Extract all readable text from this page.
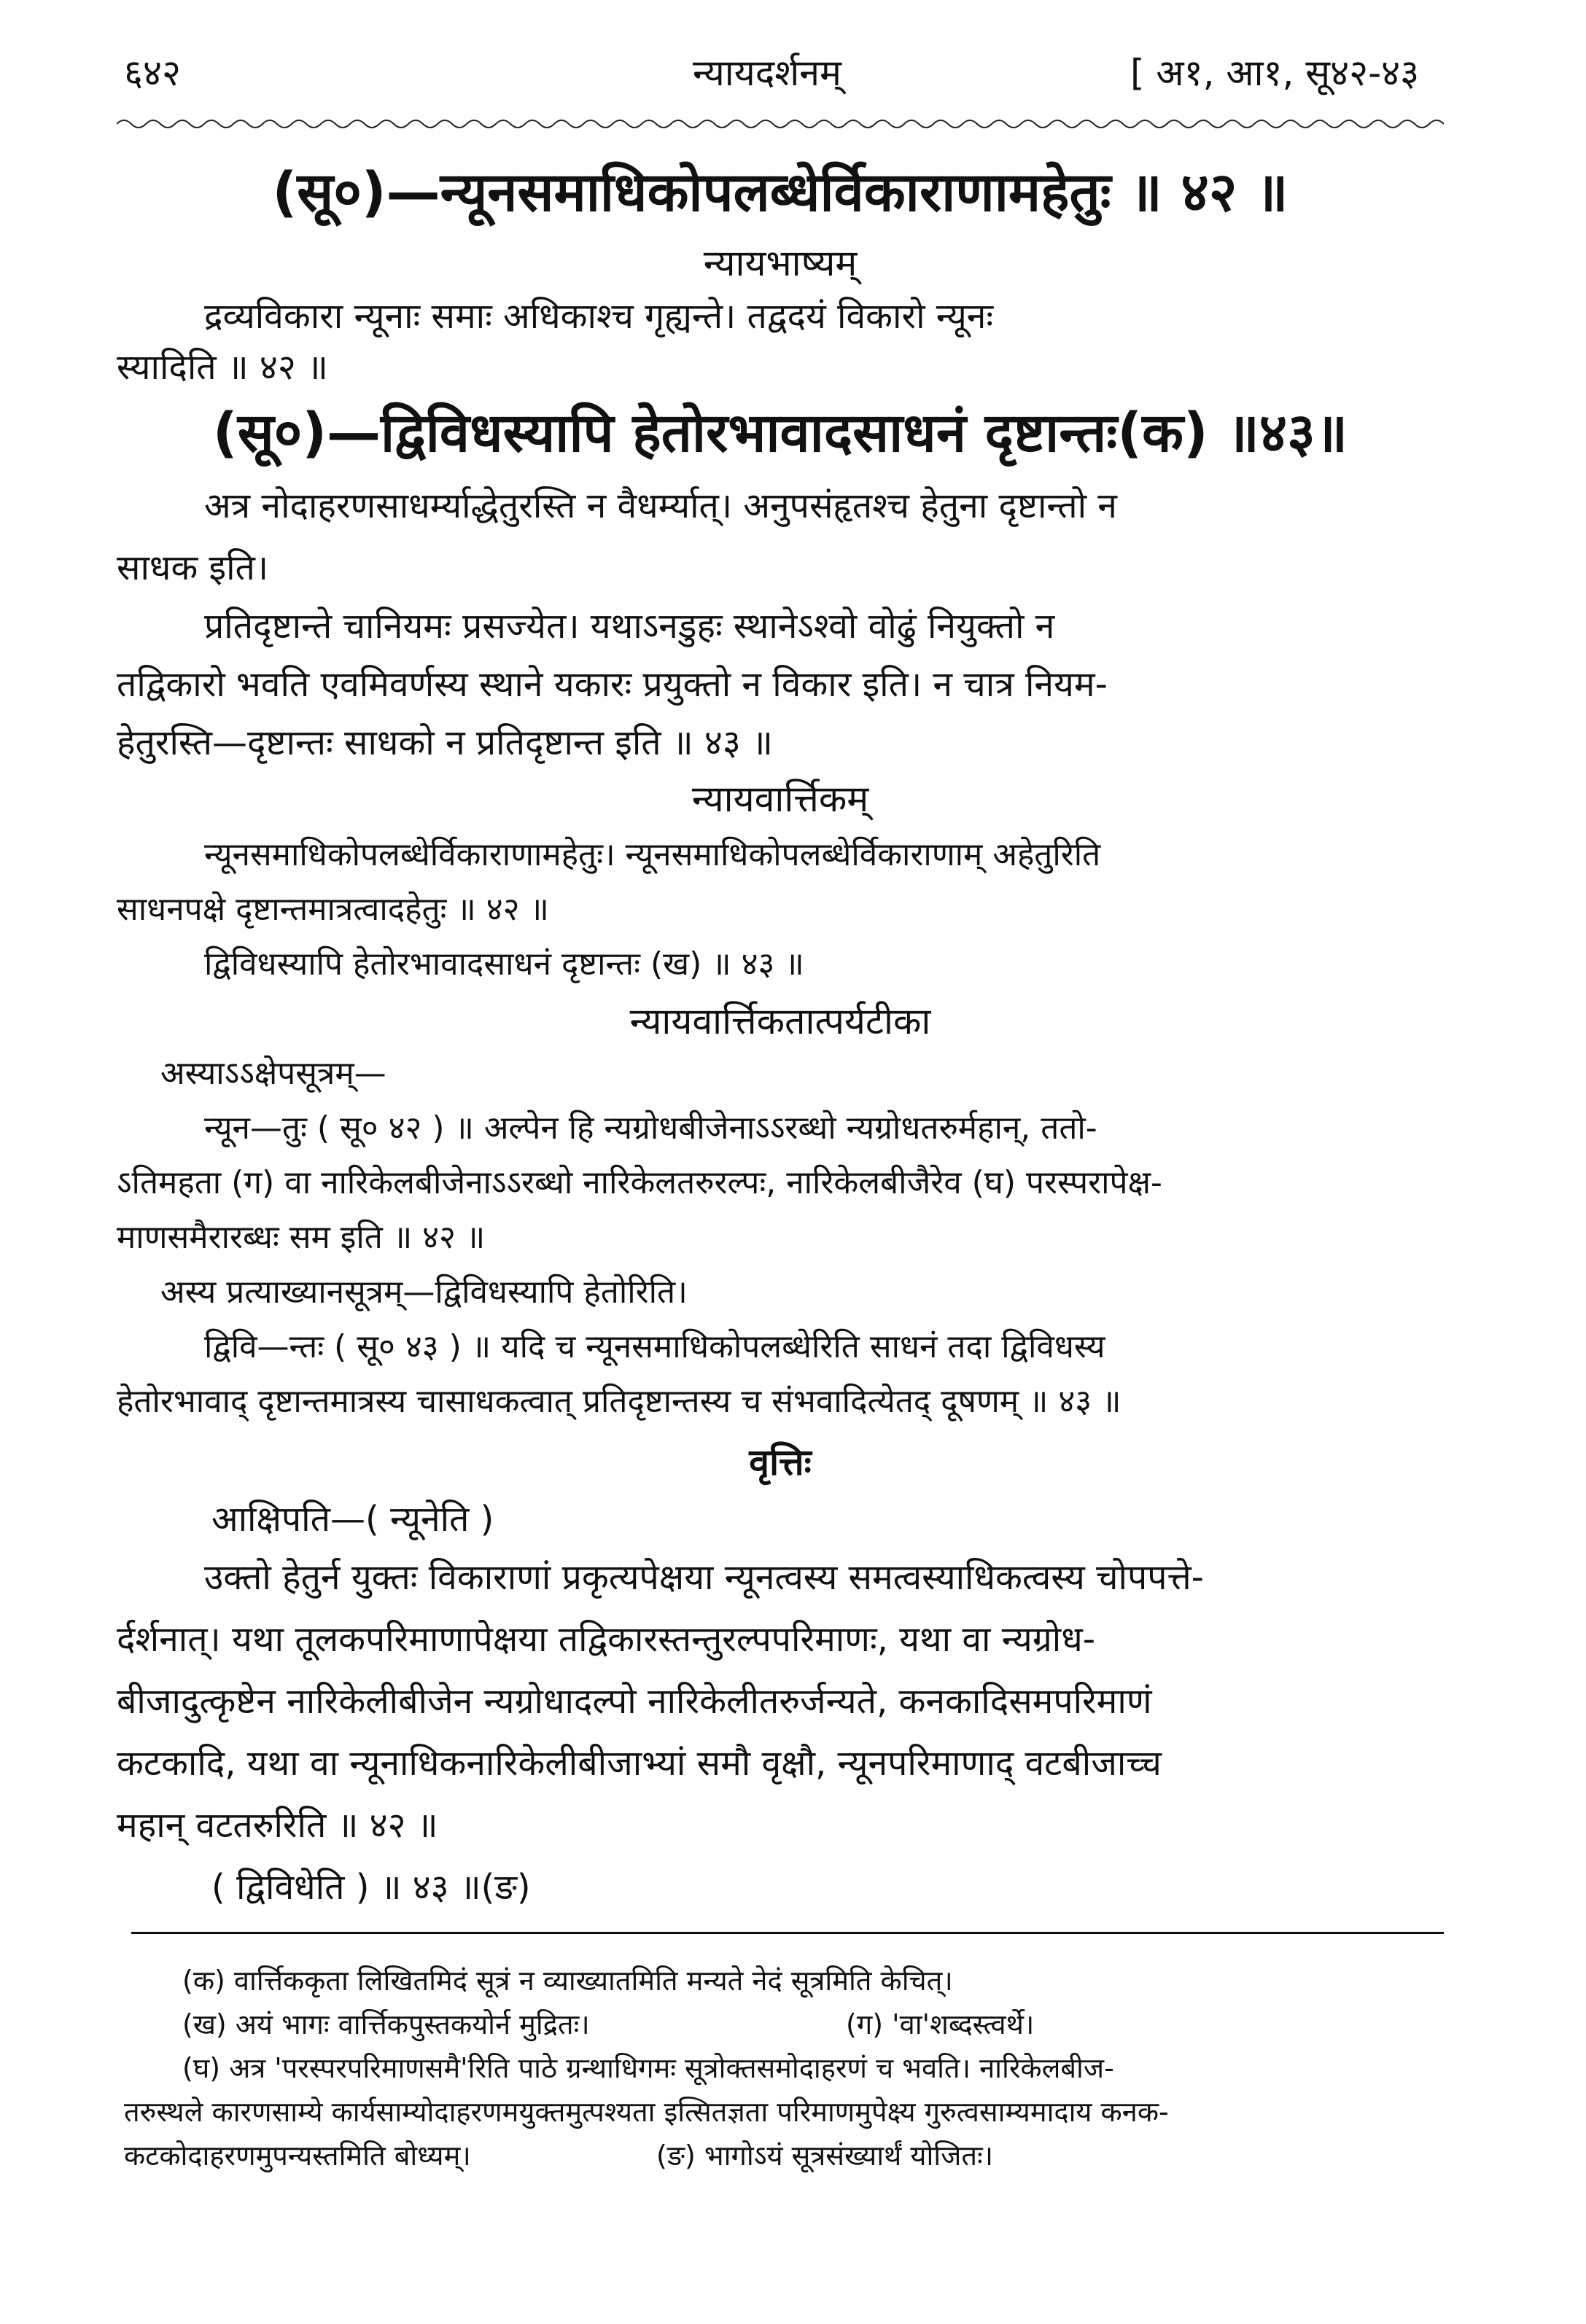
६४२	न्यायदर्शनम्	[ अ१, आ१, सू४२-४३
(सू०)—न्यूनसमाधिकोपलब्धेर्विकाराणामहेतुः ॥ ४२ ॥
न्यायभाष्यम्
द्रव्यविकारा न्यूनाः समाः अधिकाश्च गृह्यन्ते। तद्वदयं विकारो न्यूनः
स्यादिति ॥ ४२ ॥
(सू०)—द्विविधस्यापि हेतोरभावादसाधनं दृष्टान्तः(क) ॥४३॥
अत्र नोदाहरणसाधर्म्याद्धेतुरस्ति न वैधर्म्यात्। अनुपसंहृतश्च हेतुना दृष्टान्तो न
साधक इति।
प्रतिदृष्टान्ते चानियमः प्रसज्येत। यथाऽनडुहः स्थानेऽश्वो वोढुं नियुक्तो न
तद्विकारो भवति एवमिवर्णस्य स्थाने यकारः प्रयुक्तो न विकार इति। न चात्र नियम-
हेतुरस्ति—दृष्टान्तः साधको न प्रतिदृष्टान्त इति ॥ ४३ ॥
न्यायवार्त्तिकम्
न्यूनसमाधिकोपलब्धेर्विकाराणामहेतुः। न्यूनसमाधिकोपलब्धेर्विकाराणाम् अहेतुरिति
साधनपक्षे दृष्टान्तमात्रत्वादहेतुः ॥ ४२ ॥
द्विविधस्यापि हेतोरभावादसाधनं दृष्टान्तः (ख) ॥ ४३ ॥
न्यायवार्त्तिकतात्पर्यटीका
अस्याऽऽक्षेपसूत्रम्—
न्यून—तुः ( सू० ४२ ) ॥ अल्पेन हि न्यग्रोधबीजेनाऽऽरब्धो न्यग्रोधतरुर्महान्, ततो-
ऽतिमहता (ग) वा नारिकेलबीजेनाऽऽरब्धो नारिकेलतरुरल्पः, नारिकेलबीजैरेव (घ) परस्परापेक्ष-
माणसमैरारब्धः सम इति ॥ ४२ ॥
अस्य प्रत्याख्यानसूत्रम्—द्विविधस्यापि हेतोरिति।
द्विवि—न्तः ( सू० ४३ ) ॥ यदि च न्यूनसमाधिकोपलब्धेरिति साधनं तदा द्विविधस्य
हेतोरभावाद् दृष्टान्तमात्रस्य चासाधकत्वात् प्रतिदृष्टान्तस्य च संभवादित्येतद् दूषणम् ॥ ४३ ॥
वृत्तिः
आक्षिपति—( न्यूनेति )
उक्तो हेतुर्न युक्तः विकाराणां प्रकृत्यपेक्षया न्यूनत्वस्य समत्वस्याधिकत्वस्य चोपपत्ते-
र्दर्शनात्। यथा तूलकपरिमाणापेक्षया तद्विकारस्तन्तुरल्पपरिमाणः, यथा वा न्यग्रोध-
बीजादुत्कृष्टेन नारिकेलीबीजेन न्यग्रोधादल्पो नारिकेलीतरुर्जन्यते, कनकादिसमपरिमाणं
कटकादि, यथा वा न्यूनाधिकनारिकेलीबीजाभ्यां समौ वृक्षौ, न्यूनपरिमाणाद् वटबीजाच्च
महान् वटतरुरिति ॥ ४२ ॥
( द्विविधेति ) ॥ ४३ ॥(ङ)
(क) वार्त्तिककृता लिखितमिदं सूत्रं न व्याख्यातमिति मन्यते नेदं सूत्रमिति केचित्।
(ख) अयं भागः वार्त्तिकपुस्तकयोर्न मुद्रितः।	(ग) 'वा'शब्दस्त्वर्थे।
(घ) अत्र 'परस्परपरिमाणसमै'रिति पाठे ग्रन्थाधिगमः सूत्रोक्तसमोदाहरणं च भवति। नारिकेलबीज-
तरुस्थले कारणसाम्ये कार्यसाम्योदाहरणमयुक्तमुत्पश्यता इत्सितज्ञता परिमाणमुपेक्ष्य गुरुत्वसाम्यमादाय कनक-
कटकोदाहरणमुपन्यस्तमिति बोध्यम्।	(ङ) भागोऽयं सूत्रसंख्यार्थं योजितः।
